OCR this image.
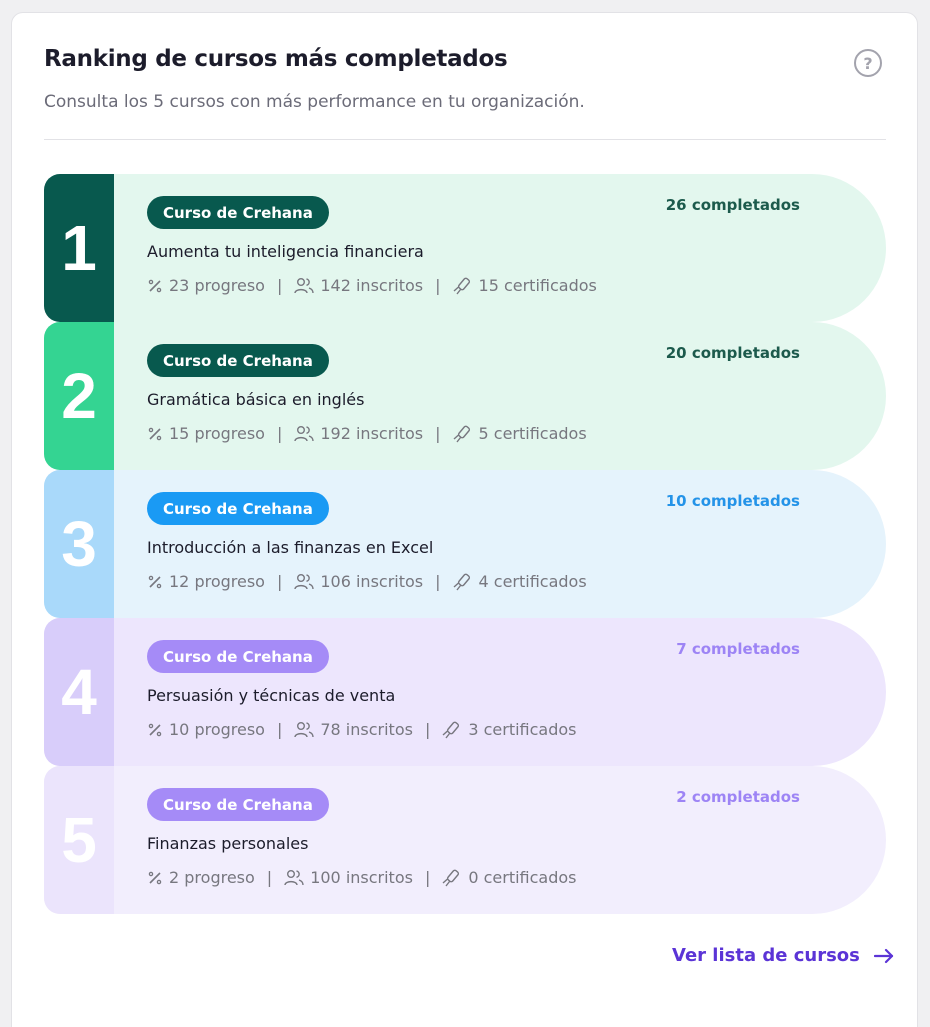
Ranking de cursos más completados

Consulta los 5 cursos con más performance en tu organización.

?
1	Curso de Crehana	26 completados
Aumenta tu inteligencia financiera
23 progreso | 142 inscritos | 15 certificados
2	Curso de Crehana	20 completados
Gramática básica en inglés
15 progreso | 192 inscritos | 5 certificados
3	Curso de Crehana	10 completados
Introducción a las finanzas en Excel
12 progreso | 106 inscritos | 4 certificados
4	Curso de Crehana	7 completados
Persuasión y técnicas de venta
10 progreso | 78 inscritos | 3 certificados
5	Curso de Crehana	2 completados
Finanzas personales
2 progreso | 100 inscritos | 0 certificados
Ver lista de cursos
